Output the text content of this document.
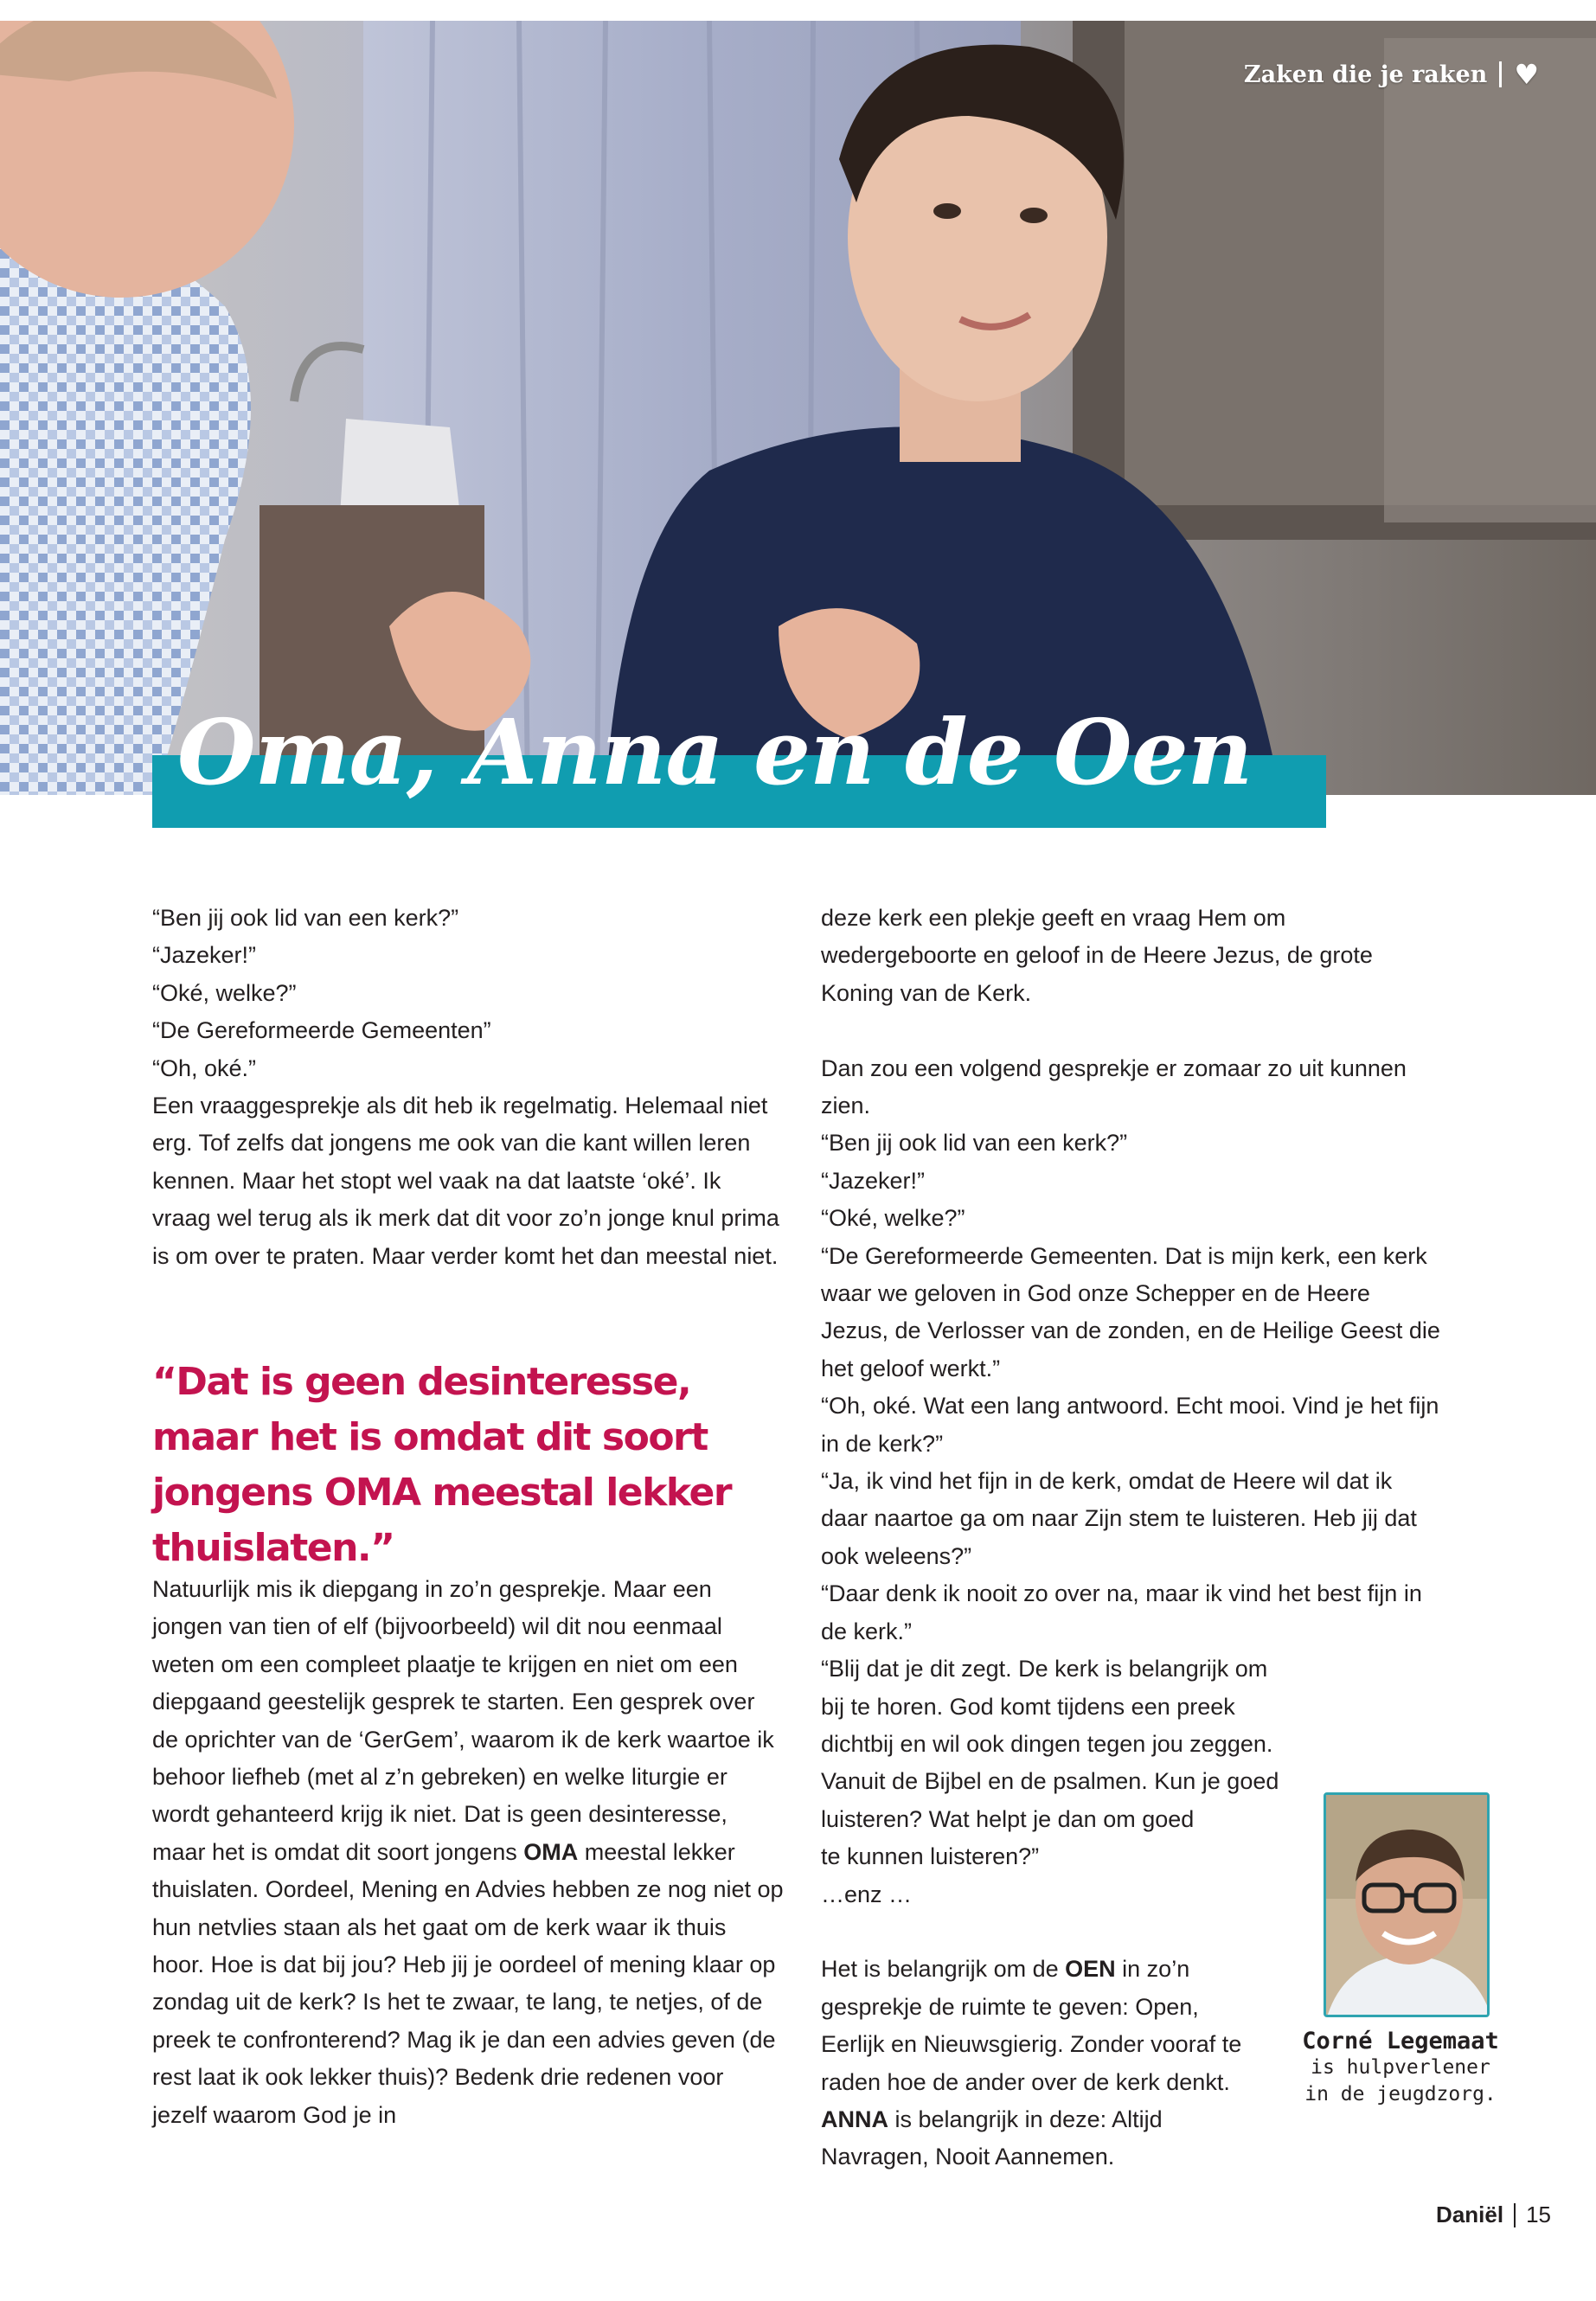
Zaken die je raken ♥
Oma, Anna en de Oen

“Ben jij ook lid van een kerk?”

“Jazeker!”

“Oké, welke?”

“De Gereformeerde Gemeenten”

“Oh, oké.”

Een vraaggesprekje als dit heb ik regelmatig. Helemaal niet erg. Tof zelfs dat jongens me ook van die kant willen leren kennen. Maar het stopt wel vaak na dat laatste ‘oké’. Ik vraag wel terug als ik merk dat dit voor zo’n jonge knul prima is om over te praten. Maar verder komt het dan meestal niet.

“Dat is geen desinteresse, maar het is omdat dit soort jongens OMA meestal lekker thuislaten.”

Natuurlijk mis ik diepgang in zo’n gesprekje. Maar een jongen van tien of elf (bijvoorbeeld) wil dit nou eenmaal weten om een compleet plaatje te krijgen en niet om een diepgaand geestelijk gesprek te starten. Een gesprek over de oprichter van de ‘GerGem’, waarom ik de kerk waartoe ik behoor liefheb (met al z’n gebreken) en welke liturgie er wordt gehanteerd krijg ik niet. Dat is geen desinteresse, maar het is omdat dit soort jongens OMA meestal lekker thuislaten. Oordeel, Mening en Advies hebben ze nog niet op hun netvlies staan als het gaat om de kerk waar ik thuis hoor. Hoe is dat bij jou? Heb jij je oordeel of mening klaar op zondag uit de kerk? Is het te zwaar, te lang, te netjes, of de preek te confronterend? Mag ik je dan een advies geven (de rest laat ik ook lekker thuis)? Bedenk drie redenen voor jezelf waarom God je in

deze kerk een plekje geeft en vraag Hem om wedergeboorte en geloof in de Heere Jezus, de grote Koning van de Kerk.

Dan zou een volgend gesprekje er zomaar zo uit kunnen zien.

“Ben jij ook lid van een kerk?”

“Jazeker!”

“Oké, welke?”

“De Gereformeerde Gemeenten. Dat is mijn kerk, een kerk waar we geloven in God onze Schepper en de Heere Jezus, de Verlosser van de zonden, en de Heilige Geest die het geloof werkt.”

“Oh, oké. Wat een lang antwoord. Echt mooi. Vind je het fijn in de kerk?”

“Ja, ik vind het fijn in de kerk, omdat de Heere wil dat ik daar naartoe ga om naar Zijn stem te luisteren. Heb jij dat ook weleens?”

“Daar denk ik nooit zo over na, maar ik vind het best fijn in de kerk.”

“Blij dat je dit zegt. De kerk is belangrijk om bij te horen. God komt tijdens een preek dichtbij en wil ook dingen tegen jou zeggen. Vanuit de Bijbel en de psalmen. Kun je goed luisteren? Wat helpt je dan om goed

te kunnen luisteren?”

…enz …

Het is belangrijk om de OEN in zo’n

gesprekje de ruimte te geven: Open,

Eerlijk en Nieuwsgierig. Zonder vooraf te

raden hoe de ander over de kerk denkt.

ANNA is belangrijk in deze: Altijd

Navragen, Nooit Aannemen.

Corné Legemaat
is hulpverlener
in de jeugdzorg.
Daniël 15
